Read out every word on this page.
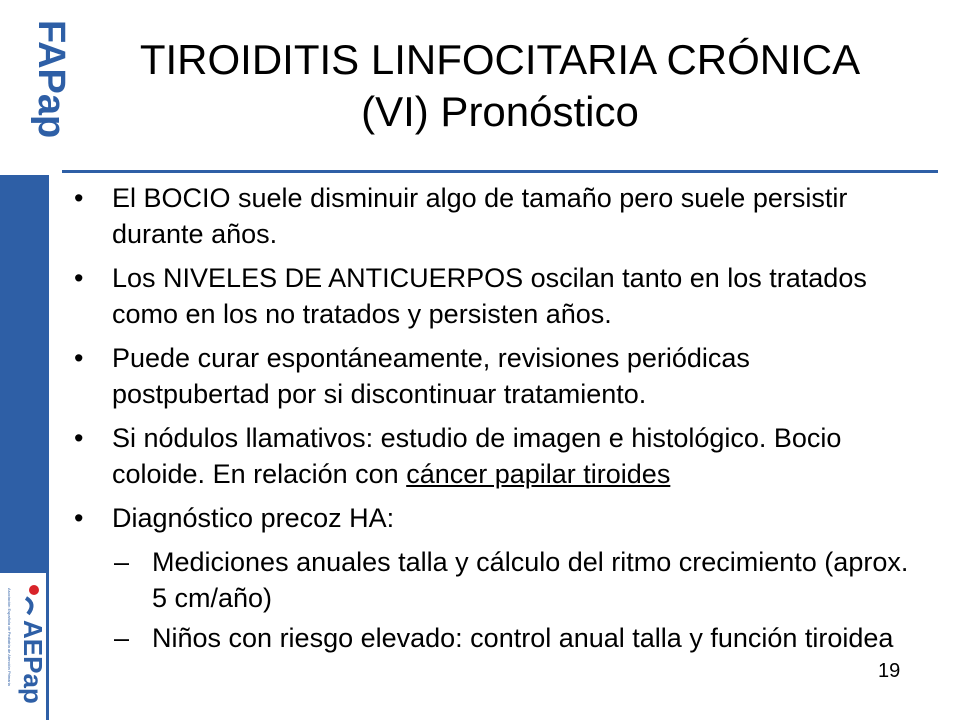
FAPap
AEPap
Asociación Española de Pediatría de Atención Primaria
TIROIDITIS LINFOCITARIA CRÓNICA
(VI) Pronóstico
• El BOCIO suele disminuir algo de tamaño pero suele persistir durante años.
• Los NIVELES DE ANTICUERPOS oscilan tanto en los tratados como en los no tratados y persisten años.
• Puede curar espontáneamente, revisiones periódicas postpubertad por si discontinuar tratamiento.
• Si nódulos llamativos: estudio de imagen e histológico. Bocio coloide. En relación con cáncer papilar tiroides
• Diagnóstico precoz HA:
– Mediciones anuales talla y cálculo del ritmo crecimiento (aprox. 5 cm/año)
– Niños con riesgo elevado: control anual talla y función tiroidea
19
